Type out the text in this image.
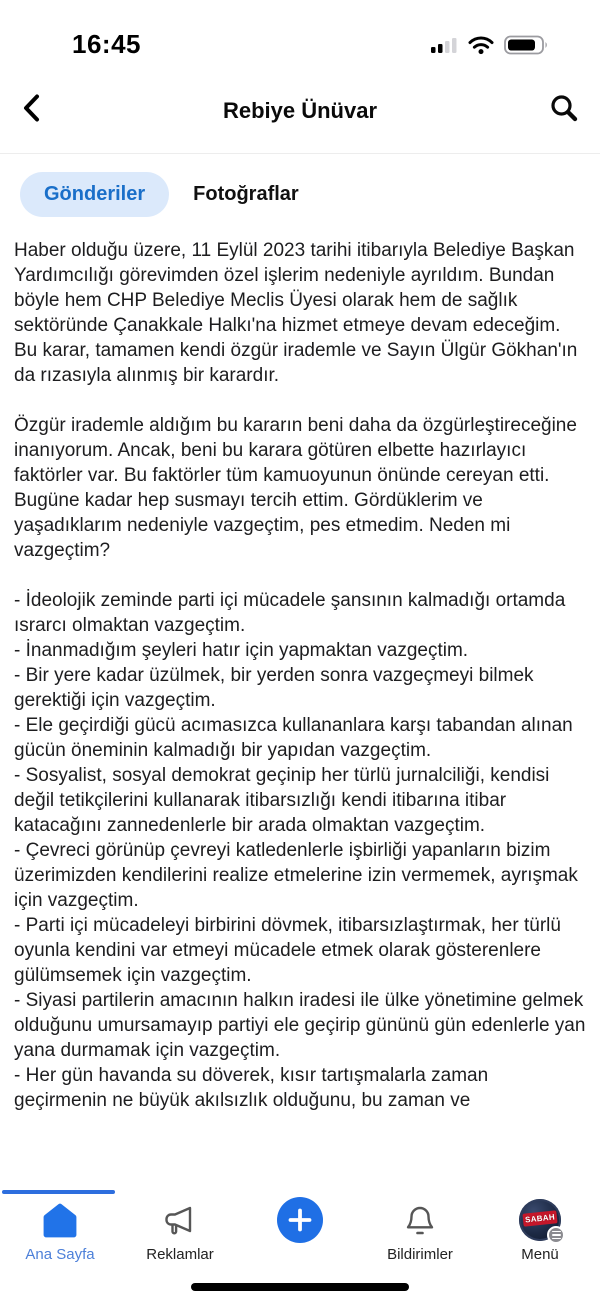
16:45
Rebiye Ünüvar
Gönderiler	Fotoğraflar

Haber olduğu üzere, 11 Eylül 2023 tarihi itibarıyla Belediye Başkan Yardımcılığı görevimden özel işlerim nedeniyle ayrıldım. Bundan böyle hem CHP Belediye Meclis Üyesi olarak hem de sağlık sektöründe Çanakkale Halkı'na hizmet etmeye devam edeceğim. Bu karar, tamamen kendi özgür irademle ve Sayın Ülgür Gökhan'ın da rızasıyla alınmış bir karardır.

Özgür irademle aldığım bu kararın beni daha da özgürleştireceğine inanıyorum. Ancak, beni bu karara götüren elbette hazırlayıcı faktörler var. Bu faktörler tüm kamuoyunun önünde cereyan etti. Bugüne kadar hep susmayı tercih ettim. Gördüklerim ve yaşadıklarım nedeniyle vazgeçtim, pes etmedim. Neden mi vazgeçtim?

- İdeolojik zeminde parti içi mücadele şansının kalmadığı ortamda ısrarcı olmaktan vazgeçtim.

- İnanmadığım şeyleri hatır için yapmaktan vazgeçtim.

- Bir yere kadar üzülmek, bir yerden sonra vazgeçmeyi bilmek gerektiği için vazgeçtim.

- Ele geçirdiği gücü acımasızca kullananlara karşı tabandan alınan gücün öneminin kalmadığı bir yapıdan vazgeçtim.

- Sosyalist, sosyal demokrat geçinip her türlü jurnalciliği, kendisi değil tetikçilerini kullanarak itibarsızlığı kendi itibarına itibar katacağını zannedenlerle bir arada olmaktan vazgeçtim.

- Çevreci görünüp çevreyi katledenlerle işbirliği yapanların bizim üzerimizden kendilerini realize etmelerine izin vermemek, ayrışmak için vazgeçtim.

- Parti içi mücadeleyi birbirini dövmek, itibarsızlaştırmak, her türlü oyunla kendini var etmeyi mücadele etmek olarak gösterenlere gülümsemek için vazgeçtim.

- Siyasi partilerin amacının halkın iradesi ile ülke yönetimine gelmek olduğunu umursamayıp partiyi ele geçirip gününü gün edenlerle yan yana durmamak için vazgeçtim.

- Her gün havanda su döverek, kısır tartışmalarla zaman geçirmenin ne büyük akılsızlık olduğunu, bu zaman ve

Ana Sayfa	Reklamlar	Bildirimler
SABAH
Menü
